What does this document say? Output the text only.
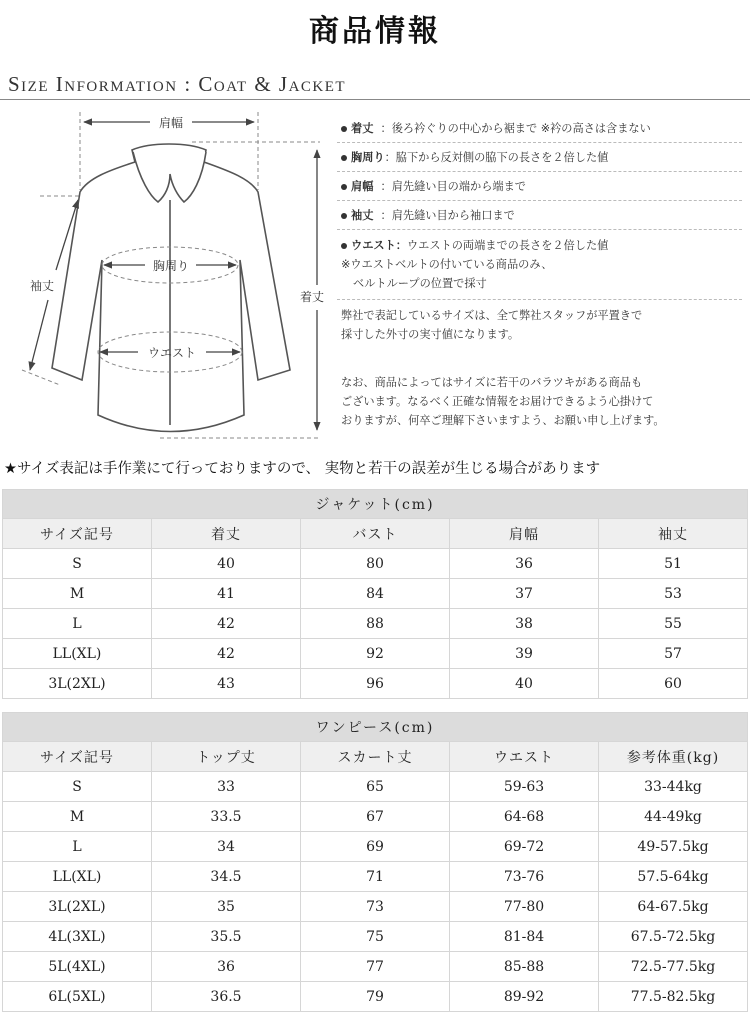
商品情報
Size Information : Coat & Jacket
肩幅
胸周り
ウエスト
袖丈
着丈
着丈 ：後ろ衿ぐりの中心から裾まで ※衿の高さは含まない
胸周り：脇下から反対側の脇下の長さを２倍した値
肩幅 ：肩先縫い目の端から端まで
袖丈 ：肩先縫い目から袖口まで
ウエスト：ウエストの両端までの長さを２倍した値
※ウエストベルトの付いている商品のみ、
ベルトループの位置で採寸
弊社で表記しているサイズは、全て弊社スタッフが平置きで
採寸した外寸の実寸値になります。
なお、商品によってはサイズに若干のバラツキがある商品も
ございます。なるべく正確な情報をお届けできるよう心掛けて
おりますが、何卒ご理解下さいますよう、お願い申し上げます。
★サイズ表記は手作業にて行っておりますので、 実物と若干の誤差が生じる場合があります
ジャケット(cm)				
サイズ記号	着丈	バスト	肩幅	袖丈
S	40	80	36	51
M	41	84	37	53
L	42	88	38	55
LL(XL)	42	92	39	57
3L(2XL)	43	96	40	60
ワンピース(cm)				
サイズ記号	トップ丈	スカート丈	ウエスト	参考体重(kg)
S	33	65	59-63	33-44kg
M	33.5	67	64-68	44-49kg
L	34	69	69-72	49-57.5kg
LL(XL)	34.5	71	73-76	57.5-64kg
3L(2XL)	35	73	77-80	64-67.5kg
4L(3XL)	35.5	75	81-84	67.5-72.5kg
5L(4XL)	36	77	85-88	72.5-77.5kg
6L(5XL)	36.5	79	89-92	77.5-82.5kg
